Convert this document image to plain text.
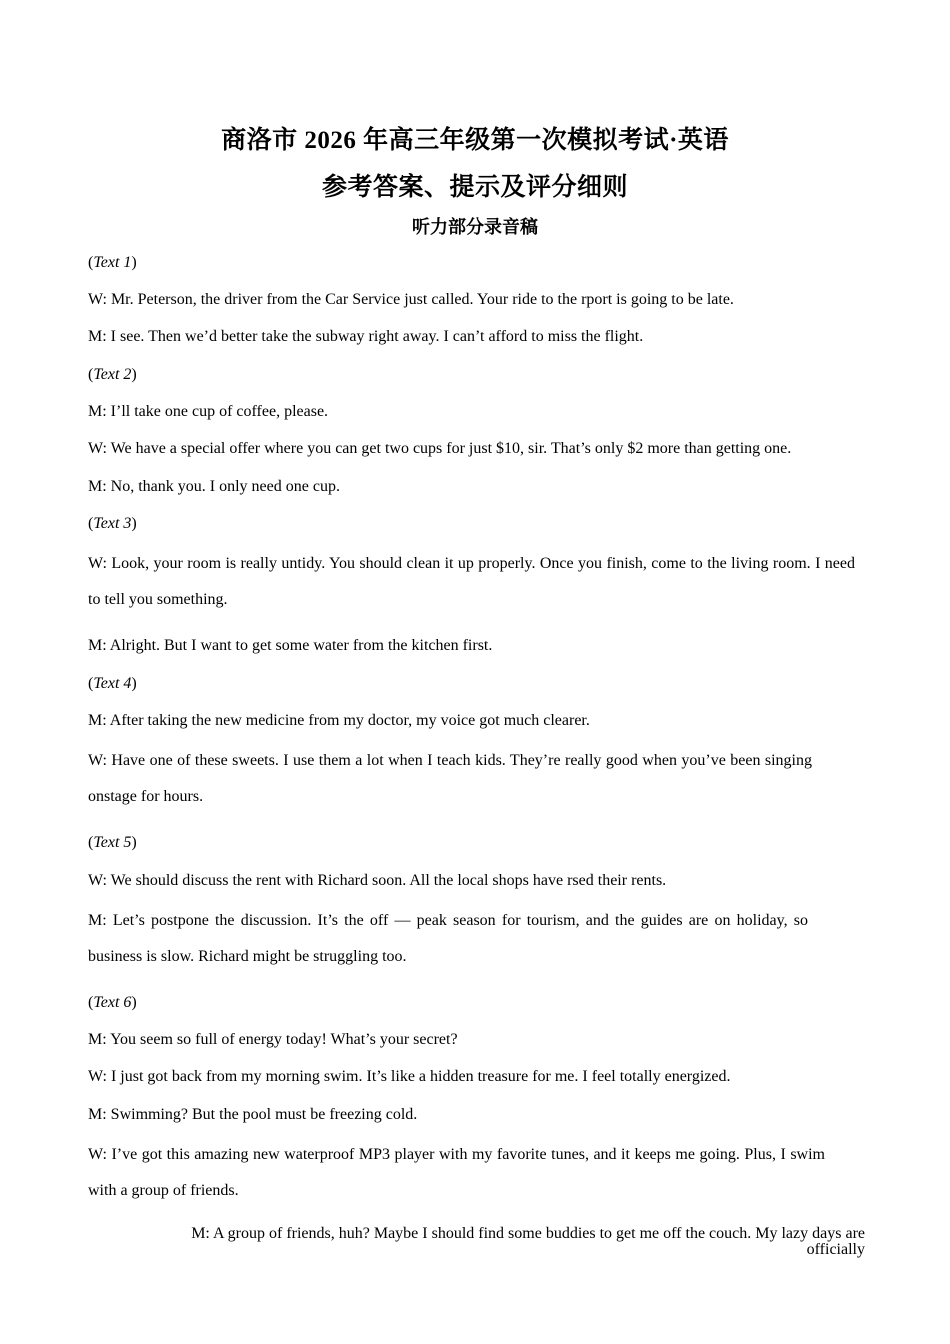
商洛市 2026 年高三年级第一次模拟考试·英语
参考答案、提示及评分细则
听力部分录音稿
(Text 1)
W: Mr. Peterson, the driver from the Car Service just called. Your ride to the rport is going to be late.
M: I see. Then we’d better take the subway right away. I can’t afford to miss the flight.
(Text 2)
M: I’ll take one cup of coffee, please.
W: We have a special offer where you can get two cups for just $10, sir. That’s only $2 more than getting one.
M: No, thank you. I only need one cup.
(Text 3)
W: Look, your room is really untidy. You should clean it up properly. Once you finish, come to the living room. I need to tell you something.
M: Alright. But I want to get some water from the kitchen first.
(Text 4)
M: After taking the new medicine from my doctor, my voice got much clearer.
W: Have one of these sweets. I use them a lot when I teach kids. They’re really good when you’ve been singing onstage for hours.
(Text 5)
W: We should discuss the rent with Richard soon. All the local shops have rsed their rents.
M: Let’s postpone the discussion. It’s the off — peak season for tourism, and the guides are on holiday, so business is slow. Richard might be struggling too.
(Text 6)
M: You seem so full of energy today! What’s your secret?
W: I just got back from my morning swim. It’s like a hidden treasure for me. I feel totally energized.
M: Swimming? But the pool must be freezing cold.
W: I’ve got this amazing new waterproof MP3 player with my favorite tunes, and it keeps me going. Plus, I swim with a group of friends.
M: A group of friends, huh? Maybe I should find some buddies to get me off the couch. My lazy days are officially
